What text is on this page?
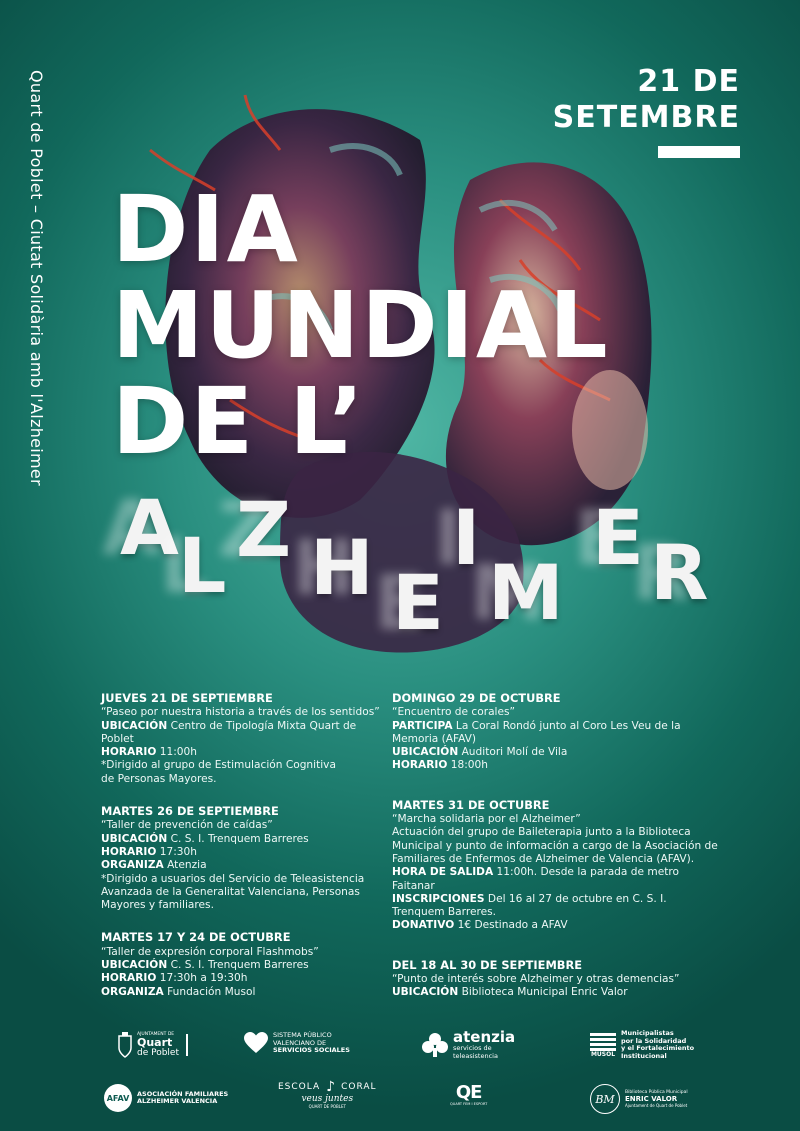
Quart de Poblet – Ciutat Solidària amb l'Alzheimer	21 DE
SETEMBRE
DIA
MUNDIAL
DE L’
A L Z H E
I
M
E R
JUEVES 21 DE SEPTIEMBRE
“Paseo por nuestra historia a través de los sentidos”
UBICACIÓN Centro de Tipología Mixta Quart de Poblet
HORARIO 11:00h
*Dirigido al grupo de Estimulación Cognitiva
de Personas Mayores.
MARTES 26 DE SEPTIEMBRE
“Taller de prevención de caídas”
UBICACIÓN C. S. I. Trenquem Barreres
HORARIO 17:30h
ORGANIZA Atenzia
*Dirigido a usuarios del Servicio de Teleasistencia
Avanzada de la Generalitat Valenciana, Personas
Mayores y familiares.
MARTES 17 Y 24 DE OCTUBRE
“Taller de expresión corporal Flashmobs”
UBICACIÓN C. S. I. Trenquem Barreres
HORARIO 17:30h a 19:30h
ORGANIZA Fundación Musol
DOMINGO 29 DE OCTUBRE
“Encuentro de corales”
PARTICIPA La Coral Rondó junto al Coro Les Veu de la
Memoria (AFAV)
UBICACIÓN Auditori Molí de Vila
HORARIO 18:00h
MARTES 31 DE OCTUBRE
“Marcha solidaria por el Alzheimer”
Actuación del grupo de Baileterapia junto a la Biblioteca
Municipal y punto de información a cargo de la Asociación de
Familiares de Enfermos de Alzheimer de Valencia (AFAV).
HORA DE SALIDA 11:00h. Desde la parada de metro Faitanar
INSCRIPCIONES Del 16 al 27 de octubre en C. S. I.
Trenquem Barreres.
DONATIVO 1€ Destinado a AFAV
DEL 18 AL 30 DE SEPTIEMBRE
“Punto de interés sobre Alzheimer y otras demencias”
UBICACIÓN Biblioteca Municipal Enric Valor
AJUNTAMENT DE
Quart
de Poblet
SISTEMA PÚBLICO
VALENCIANO DE
SERVICIOS SOCIALES
atenzia
servicios de
teleasistencia	MUSOL
Municipalistas
por la Solidaridad
y el Fortalecimiento
Institucional
AFAV	ASOCIACIÓN FAMILIARES
ALZHEIMER VALENCIA
ESCOLA ♪ CORAL
veus juntes
QUART DE POBLET
QE
QUART FEM I ESPORT	BM
Biblioteca Pública Municipal
ENRIC VALOR
Ajuntament de Quart de Poblet
